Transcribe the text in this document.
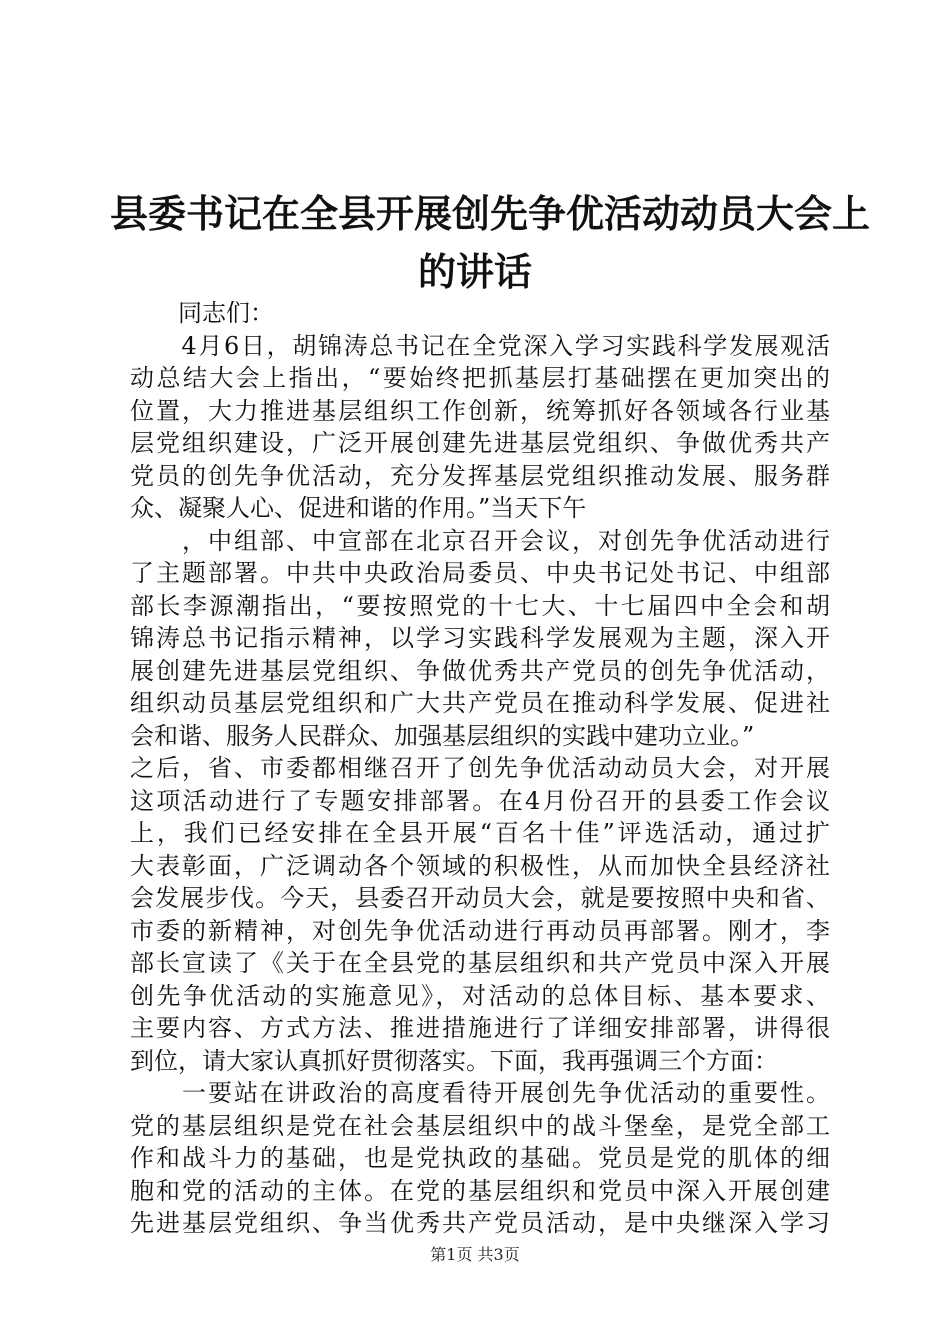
县委书记在全县开展创先争优活动动员大会上
的讲话
　　同志们：
　　4月6日，胡锦涛总书记在全党深入学习实践科学发展观活
动总结大会上指出，“要始终把抓基层打基础摆在更加突出的
位置，大力推进基层组织工作创新，统筹抓好各领域各行业基
层党组织建设，广泛开展创建先进基层党组织、争做优秀共产
党员的创先争优活动，充分发挥基层党组织推动发展、服务群
众、凝聚人心、促进和谐的作用。”当天下午
　　，中组部、中宣部在北京召开会议，对创先争优活动进行
了主题部署。中共中央政治局委员、中央书记处书记、中组部
部长李源潮指出，“要按照党的十七大、十七届四中全会和胡
锦涛总书记指示精神，以学习实践科学发展观为主题，深入开
展创建先进基层党组织、争做优秀共产党员的创先争优活动，
组织动员基层党组织和广大共产党员在推动科学发展、促进社
会和谐、服务人民群众、加强基层组织的实践中建功立业。”
之后，省、市委都相继召开了创先争优活动动员大会，对开展
这项活动进行了专题安排部署。在4月份召开的县委工作会议
上，我们已经安排在全县开展“百名十佳”评选活动，通过扩
大表彰面，广泛调动各个领域的积极性，从而加快全县经济社
会发展步伐。今天，县委召开动员大会，就是要按照中央和省、
市委的新精神，对创先争优活动进行再动员再部署。刚才，李
部长宣读了《关于在全县党的基层组织和共产党员中深入开展
创先争优活动的实施意见》，对活动的总体目标、基本要求、
主要内容、方式方法、推进措施进行了详细安排部署，讲得很
到位，请大家认真抓好贯彻落实。下面，我再强调三个方面：
　　一要站在讲政治的高度看待开展创先争优活动的重要性。
党的基层组织是党在社会基层组织中的战斗堡垒，是党全部工
作和战斗力的基础，也是党执政的基础。党员是党的肌体的细
胞和党的活动的主体。在党的基层组织和党员中深入开展创建
先进基层党组织、争当优秀共产党员活动，是中央继深入学习
第1页 共3页
